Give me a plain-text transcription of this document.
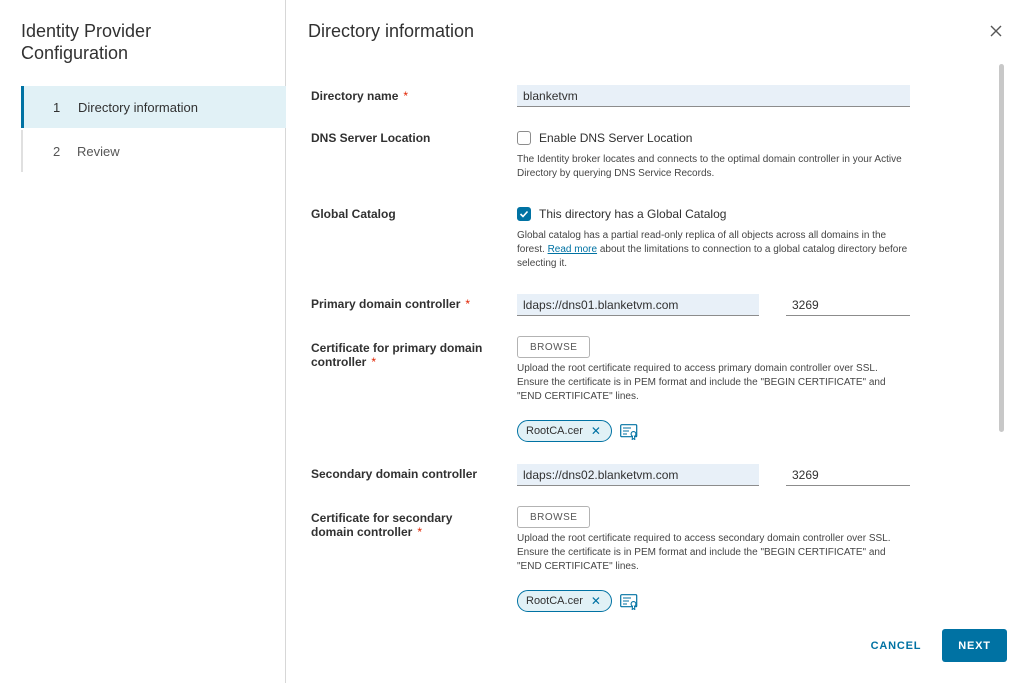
Identity Provider Configuration
1 Directory information
2 Review
Directory information
Directory name *	blanketvm
DNS Server Location	Enable DNS Server Location
The Identity broker locates and connects to the optimal domain controller in your Active Directory by querying DNS Service Records.
Global Catalog	This directory has a Global Catalog
Global catalog has a partial read-only replica of all objects across all domains in the forest. Read more about the limitations to connection to a global catalog directory before selecting it.
Primary domain controller *	ldaps://dns01.blanketvm.com	3269
Certificate for primary domain controller *
BROWSE
Upload the root certificate required to access primary domain controller over SSL. Ensure the certificate is in PEM format and include the "BEGIN CERTIFICATE" and "END CERTIFICATE" lines.
RootCA.cer ✕
Secondary domain controller	ldaps://dns02.blanketvm.com	3269
Certificate for secondary domain controller *
BROWSE
Upload the root certificate required to access secondary domain controller over SSL. Ensure the certificate is in PEM format and include the "BEGIN CERTIFICATE" and "END CERTIFICATE" lines.
RootCA.cer ✕
CANCEL	NEXT
